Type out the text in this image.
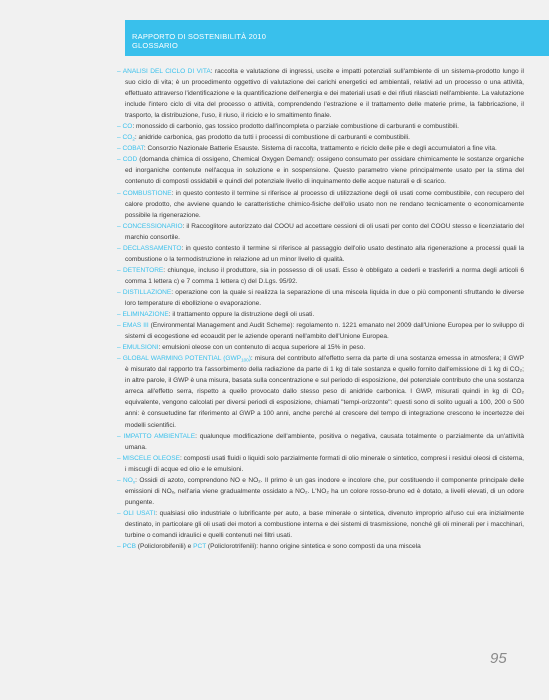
RAPPORTO DI SOSTENIBILITÀ 2010
GLOSSARIO

– ANALISI DEL CICLO DI VITA: raccolta e valutazione di ingressi, uscite e impatti potenziali sull'ambiente di un sistema-prodotto lungo il suo ciclo di vita; è un procedimento oggettivo di valutazione dei carichi energetici ed ambientali, relativi ad un processo o una attività, effettuato attraverso l'identificazione e la quantificazione dell'energia e dei materiali usati e dei rifiuti rilasciati nell'ambiente. La valutazione include l'intero ciclo di vita del processo o attività, comprendendo l'estrazione e il trattamento delle materie prime, la fabbricazione, il trasporto, la distribuzione, l'uso, il riuso, il riciclo e lo smaltimento finale.

– CO: monossido di carbonio, gas tossico prodotto dall'incompleta o parziale combustione di carburanti e combustibili.

– $CO_2$: anidride carbonica, gas prodotto da tutti i processi di combustione di carburanti e combustibili.

– COBAT: Consorzio Nazionale Batterie Esauste. Sistema di raccolta, trattamento e riciclo delle pile e degli accumulatori a fine vita.

– COD (domanda chimica di ossigeno, Chemical Oxygen Demand): ossigeno consumato per ossidare chimicamente le sostanze organiche ed inorganiche contenute nell'acqua in soluzione e in sospensione. Questo parametro viene principalmente usato per la stima del contenuto di composti ossidabili e quindi del potenziale livello di inquinamento delle acque naturali e di scarico.

– COMBUSTIONE: in questo contesto il termine si riferisce al processo di utilizzazione degli oli usati come combustibile, con recupero del calore prodotto, che avviene quando le caratteristiche chimico-fisiche dell'olio usato non ne rendano tecnicamente o economicamente possibile la rigenerazione.

– CONCESSIONARIO: il Raccoglitore autorizzato dal COOU ad accettare cessioni di oli usati per conto del COOU stesso e licenziatario del marchio consortile.

– DECLASSAMENTO: in questo contesto il termine si riferisce al passaggio dell'olio usato destinato alla rigenerazione a processi quali la combustione o la termodistruzione in relazione ad un minor livello di qualità.

– DETENTORE: chiunque, incluso il produttore, sia in possesso di oli usati. Esso è obbligato a cederli e trasferirli a norma degli articoli 6 comma 1 lettera c) e 7 comma 1 lettera c) del D.Lgs. 95/92.

– DISTILLAZIONE: operazione con la quale si realizza la separazione di una miscela liquida in due o più componenti sfruttando le diverse loro temperature di ebollizione o evaporazione.

– ELIMINAZIONE: il trattamento oppure la distruzione degli oli usati.

– EMAS III (Environmental Management and Audit Scheme): regolamento n. 1221 emanato nel 2009 dall'Unione Europea per lo sviluppo di sistemi di ecogestione ed ecoaudit per le aziende operanti nell'ambito dell'Unione Europea.

– EMULSIONI: emulsioni oleose con un contenuto di acqua superiore al 15% in peso.

– GLOBAL WARMING POTENTIAL $(GWP_{100})$: misura del contributo all'effetto serra da parte di una sostanza emessa in atmosfera; il GWP è misurato dal rapporto tra l'assorbimento della radiazione da parte di 1 kg di tale sostanza e quello fornito dall'emissione di 1 kg di CO₂; in altre parole, il GWP è una misura, basata sulla concentrazione e sul periodo di esposizione, del potenziale contributo che una sostanza arreca all'effetto serra, rispetto a quello provocato dallo stesso peso di anidride carbonica. I GWP, misurati quindi in kg di CO₂ equivalente, vengono calcolati per diversi periodi di esposizione, chiamati "tempi-orizzonte": questi sono di solito uguali a 100, 200 o 500 anni: è consuetudine far riferimento al GWP a 100 anni, anche perché al crescere del tempo di integrazione crescono le incertezze dei modelli scientifici.

– IMPATTO AMBIENTALE: qualunque modificazione dell'ambiente, positiva o negativa, causata totalmente o parzialmente da un'attività umana.

– MISCELE OLEOSE: composti usati fluidi o liquidi solo parzialmente formati di olio minerale o sintetico, compresi i residui oleosi di cisterna, i miscugli di acque ed olio e le emulsioni.

– $NO_x$: Ossidi di azoto, comprendono NO e NO₂. Il primo è un gas inodore e incolore che, pur costituendo il componente principale delle emissioni di NOₓ, nell'aria viene gradualmente ossidato a NO₂. L'NO₂ ha un colore rosso-bruno ed è dotato, a livelli elevati, di un odore pungente.

– OLI USATI: qualsiasi olio industriale o lubrificante per auto, a base minerale o sintetica, divenuto improprio all'uso cui era inizialmente destinato, in particolare gli oli usati dei motori a combustione interna e dei sistemi di trasmissione, nonché gli oli minerali per i macchinari, turbine o comandi idraulici e quelli contenuti nei filtri usati.

– PCB (Policlorobifenili) e PCT (Policlorotrifenili): hanno origine sintetica e sono composti da una miscela

95
